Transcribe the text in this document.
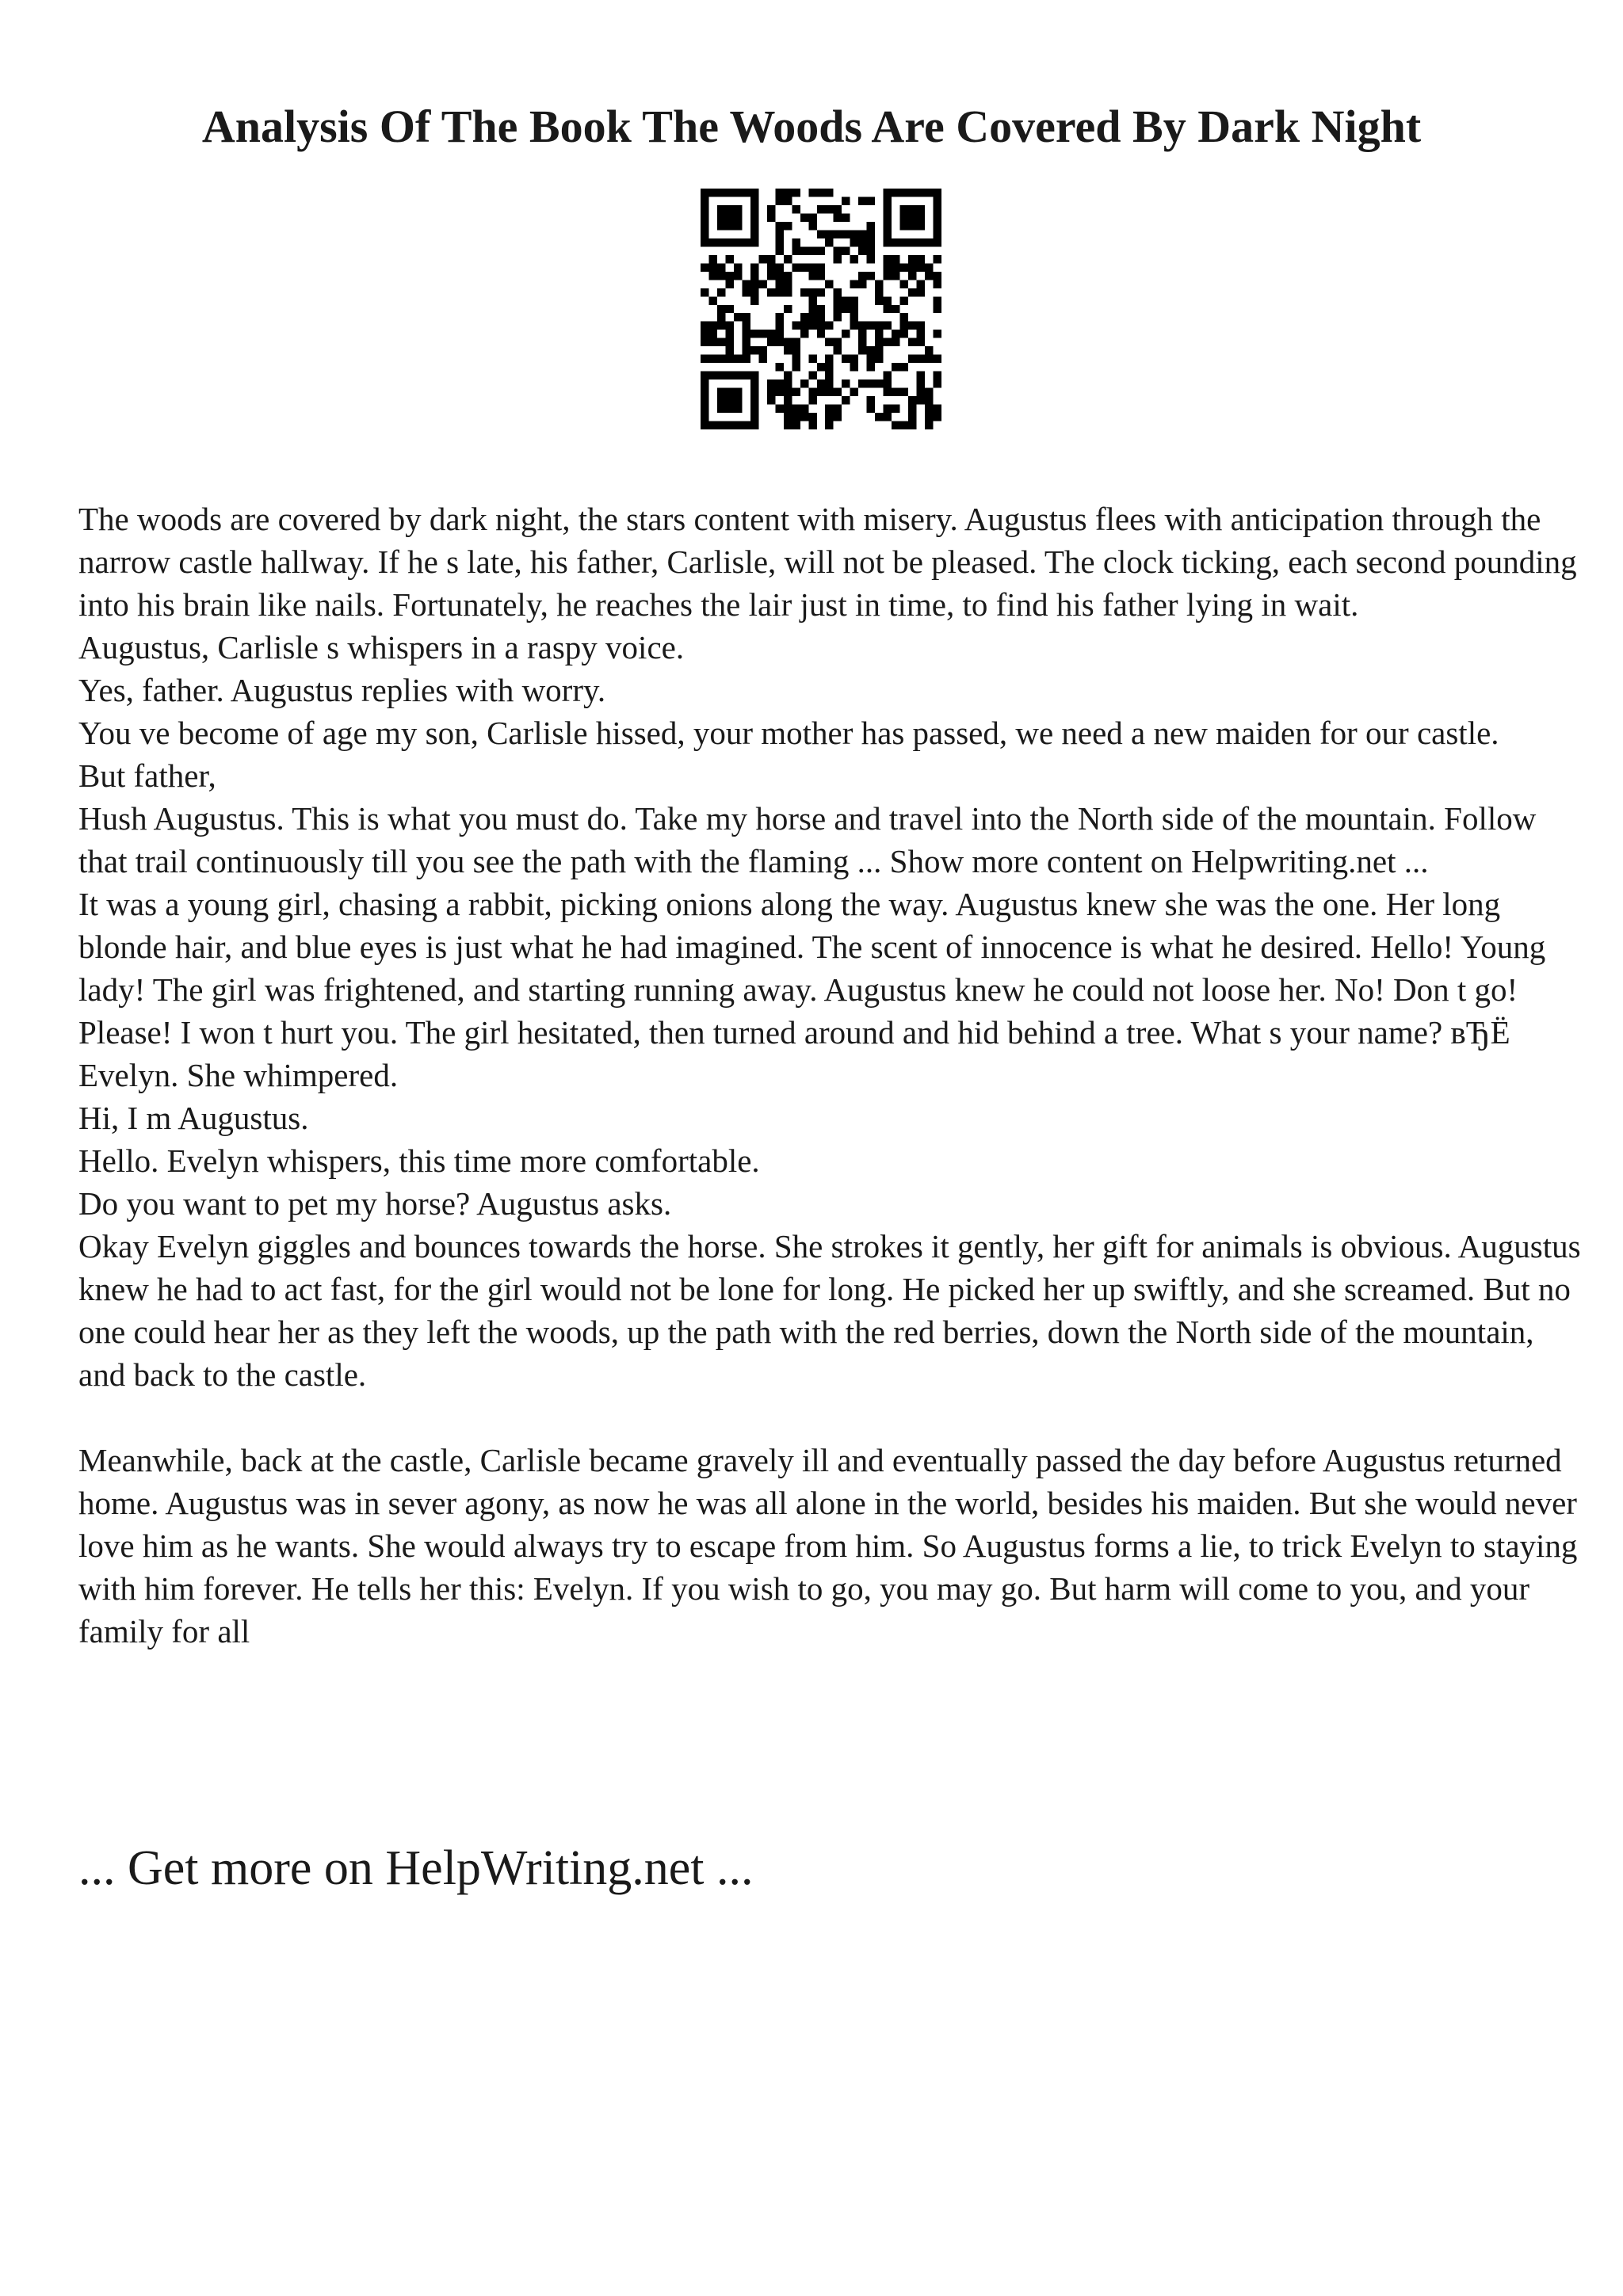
Analysis Of The Book The Woods Are Covered By Dark Night

The woods are covered by dark night, the stars content with misery. Augustus flees with anticipation through the narrow castle hallway. If he s late, his father, Carlisle, will not be pleased. The clock ticking, each second pounding into his brain like nails. Fortunately, he reaches the lair just in time, to find his father lying in wait.

Augustus, Carlisle s whispers in a raspy voice.

Yes, father. Augustus replies with worry.

You ve become of age my son, Carlisle hissed, your mother has passed, we need a new maiden for our castle.

But father,

Hush Augustus. This is what you must do. Take my horse and travel into the North side of the mountain. Follow that trail continuously till you see the path with the flaming ... Show more content on Helpwriting.net ...

It was a young girl, chasing a rabbit, picking onions along the way. Augustus knew she was the one. Her long blonde hair, and blue eyes is just what he had imagined. The scent of innocence is what he desired. Hello! Young lady! The girl was frightened, and starting running away. Augustus knew he could not loose her. No! Don t go! Please! I won t hurt you. The girl hesitated, then turned around and hid behind a tree. What s your name? вЂЁ Evelyn. She whimpered.

Hi, I m Augustus.

Hello. Evelyn whispers, this time more comfortable.

Do you want to pet my horse? Augustus asks.

Okay Evelyn giggles and bounces towards the horse. She strokes it gently, her gift for animals is obvious. Augustus knew he had to act fast, for the girl would not be lone for long. He picked her up swiftly, and she screamed. But no one could hear her as they left the woods, up the path with the red berries, down the North side of the mountain, and back to the castle.

Meanwhile, back at the castle, Carlisle became gravely ill and eventually passed the day before Augustus returned home. Augustus was in sever agony, as now he was all alone in the world, besides his maiden. But she would never love him as he wants. She would always try to escape from him. So Augustus forms a lie, to trick Evelyn to staying with him forever. He tells her this: Evelyn. If you wish to go, you may go. But harm will come to you, and your family for all

... Get more on HelpWriting.net ...
